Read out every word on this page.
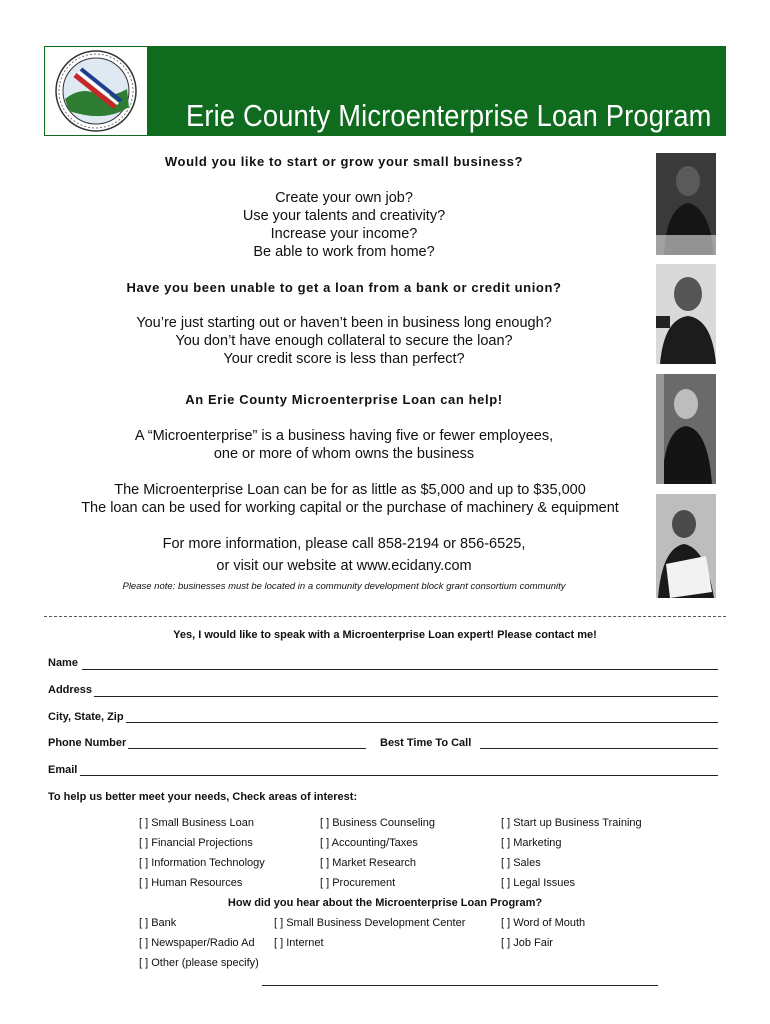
Erie County Microenterprise Loan Program
Would you like to start or grow your small business?
Create your own job?
Use your talents and creativity?
Increase your income?
Be able to work from home?
Have you been unable to get a loan from a bank or credit union?
You’re just starting out or haven’t been in business long enough?
You don’t have enough collateral to secure the loan?
Your credit score is less than perfect?
An Erie County Microenterprise Loan can help!
A “Microenterprise” is a business having five or fewer employees,
one or more of whom owns the business
The Microenterprise Loan can be for as little as $5,000 and up to $35,000
The loan can be used for working capital or the purchase of machinery & equipment
For more information, please call 858-2194 or 856-6525,
or visit our website at www.ecidany.com
Please note: businesses must be located in a community development block grant consortium community
Yes, I would like to speak with a Microenterprise Loan expert! Please contact me!
Name
Address
City, State, Zip
Phone Number	Best Time To Call
Email
To help us better meet your needs, Check areas of interest:
[ ] Small Business Loan	[ ] Business Counseling	[ ] Start up Business Training
[ ] Financial Projections	[ ] Accounting/Taxes	[ ] Marketing
[ ] Information Technology	[ ] Market Research	[ ] Sales
[ ] Human Resources	[ ] Procurement	[ ] Legal Issues
How did you hear about the Microenterprise Loan Program?
[ ] Bank	[ ] Small Business Development Center	[ ] Word of Mouth
[ ] Newspaper/Radio Ad [ ] Internet	[ ] Job Fair
[ ] Other (please specify)
